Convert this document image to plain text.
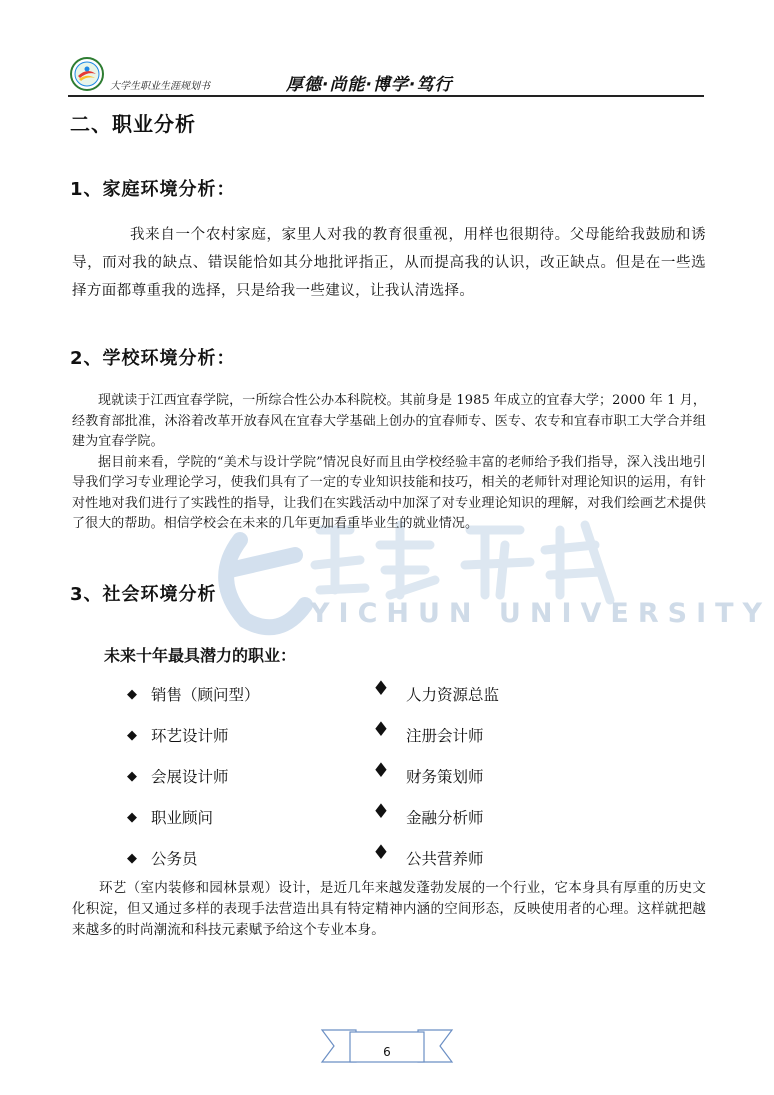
大学生职业生涯规划书	厚德·尚能·博学·笃行
YICHUN UNIVERSITY
二、职业分析
1、家庭环境分析：

我来自一个农村家庭，家里人对我的教育很重视，用样也很期待。父母能给我鼓励和诱导，而对我的缺点、错误能恰如其分地批评指正，从而提高我的认识，改正缺点。但是在一些选择方面都尊重我的选择，只是给我一些建议，让我认清选择。

2、学校环境分析：

现就读于江西宜春学院，一所综合性公办本科院校。其前身是 1985 年成立的宜春大学；2000 年 1 月，经教育部批准，沐浴着改革开放春风在宜春大学基础上创办的宜春师专、医专、农专和宜春市职工大学合并组建为宜春学院。

据目前来看，学院的“美术与设计学院”情况良好而且由学校经验丰富的老师给予我们指导，深入浅出地引导我们学习专业理论学习，使我们具有了一定的专业知识技能和技巧，相关的老师针对理论知识的运用，有针对性地对我们进行了实践性的指导，让我们在实践活动中加深了对专业理论知识的理解，对我们绘画艺术提供了很大的帮助。相信学校会在未来的几年更加看重毕业生的就业情况。

3、社会环境分析
未来十年最具潜力的职业：
◆ 销售（顾问型）
◆ 环艺设计师
◆ 会展设计师
◆ 职业顾问
◆ 公务员
♦	人力资源总监
♦	注册会计师
♦	财务策划师
♦	金融分析师
♦	公共营养师

环艺（室内装修和园林景观）设计，是近几年来越发蓬勃发展的一个行业，它本身具有厚重的历史文化积淀，但又通过多样的表现手法营造出具有特定精神内涵的空间形态，反映使用者的心理。这样就把越来越多的时尚潮流和科技元素赋予给这个专业本身。

6
